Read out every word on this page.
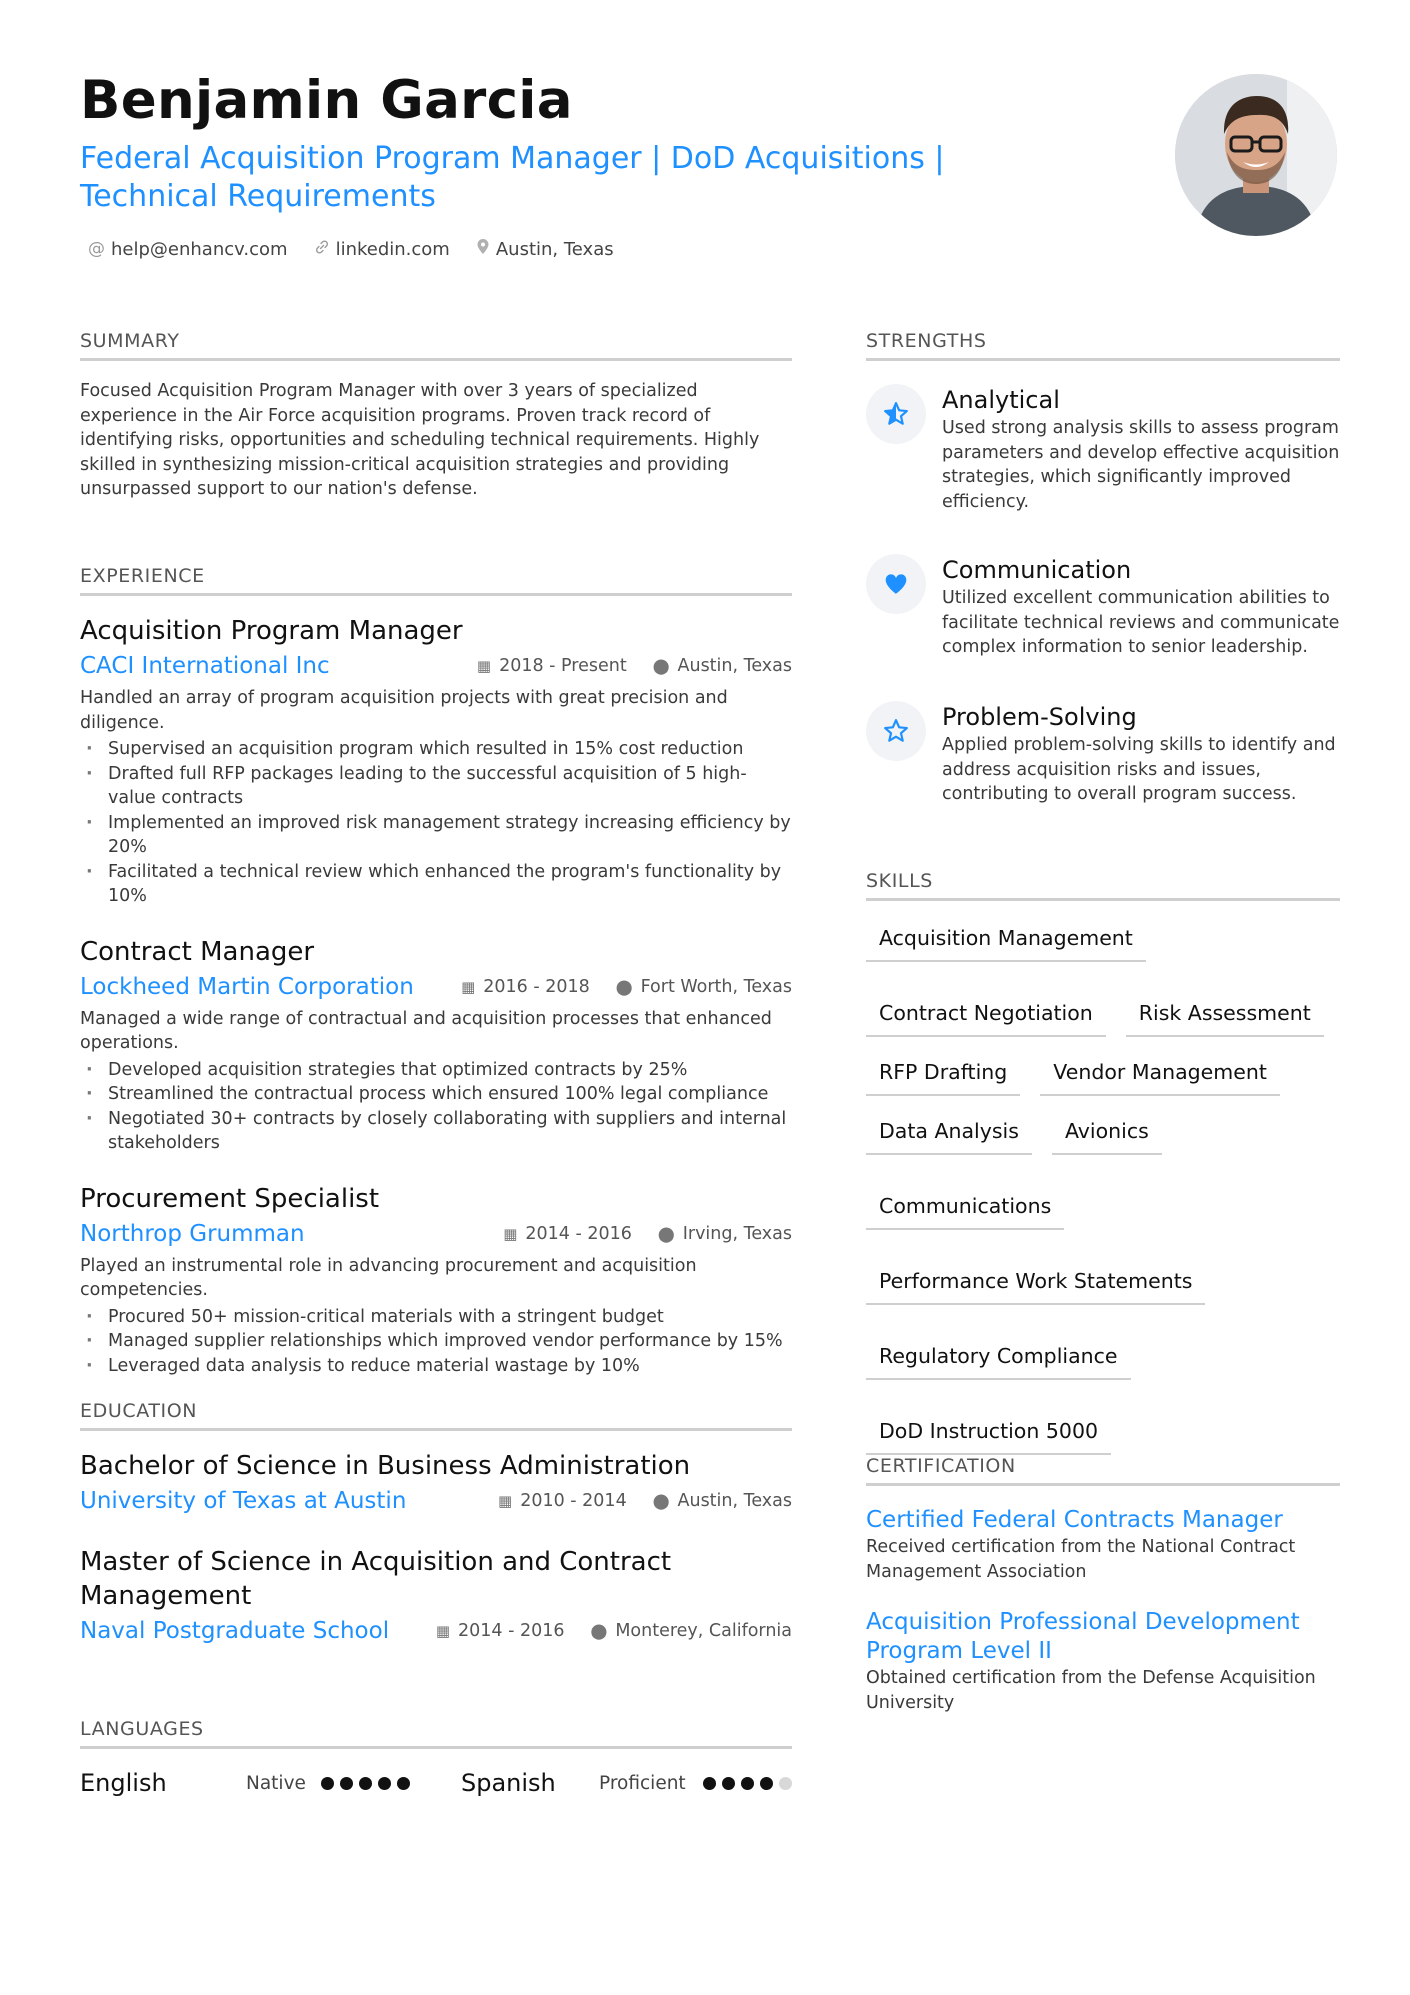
Benjamin Garcia
Federal Acquisition Program Manager | DoD Acquisitions | Technical Requirements
@ help@enhancv.com	linkedin.com	Austin, Texas
SUMMARY
Focused Acquisition Program Manager with over 3 years of specialized experience in the Air Force acquisition programs. Proven track record of identifying risks, opportunities and scheduling technical requirements. Highly skilled in synthesizing mission-critical acquisition strategies and providing unsurpassed support to our nation's defense.
EXPERIENCE
Acquisition Program Manager
CACI International Inc	▦ 2018 - Present ⬤ Austin, Texas
Handled an array of program acquisition projects with great precision and diligence.
· Supervised an acquisition program which resulted in 15% cost reduction
· Drafted full RFP packages leading to the successful acquisition of 5 high-value contracts
· Implemented an improved risk management strategy increasing efficiency by 20%
· Facilitated a technical review which enhanced the program's functionality by 10%
Contract Manager
Lockheed Martin Corporation	▦ 2016 - 2018 ⬤ Fort Worth, Texas
Managed a wide range of contractual and acquisition processes that enhanced operations.
· Developed acquisition strategies that optimized contracts by 25%
· Streamlined the contractual process which ensured 100% legal compliance
· Negotiated 30+ contracts by closely collaborating with suppliers and internal stakeholders
Procurement Specialist
Northrop Grumman	▦ 2014 - 2016 ⬤ Irving, Texas
Played an instrumental role in advancing procurement and acquisition competencies.
· Procured 50+ mission-critical materials with a stringent budget
· Managed supplier relationships which improved vendor performance by 15%
· Leveraged data analysis to reduce material wastage by 10%
EDUCATION
Bachelor of Science in Business Administration
University of Texas at Austin	▦ 2010 - 2014 ⬤ Austin, Texas
Master of Science in Acquisition and Contract Management
Naval Postgraduate School	▦ 2014 - 2016 ⬤ Monterey, California
LANGUAGES
English	Native	Spanish	Proficient
STRENGTHS
Analytical
Used strong analysis skills to assess program parameters and develop effective acquisition strategies, which significantly improved efficiency.
Communication
Utilized excellent communication abilities to facilitate technical reviews and communicate complex information to senior leadership.
Problem-Solving
Applied problem-solving skills to identify and address acquisition risks and issues, contributing to overall program success.
SKILLS
Acquisition Management
Contract Negotiation	Risk Assessment
RFP Drafting	Vendor Management
Data Analysis	Avionics
Communications
Performance Work Statements
Regulatory Compliance
DoD Instruction 5000
CERTIFICATION
Certified Federal Contracts Manager
Received certification from the National Contract Management Association
Acquisition Professional Development Program Level II
Obtained certification from the Defense Acquisition University
